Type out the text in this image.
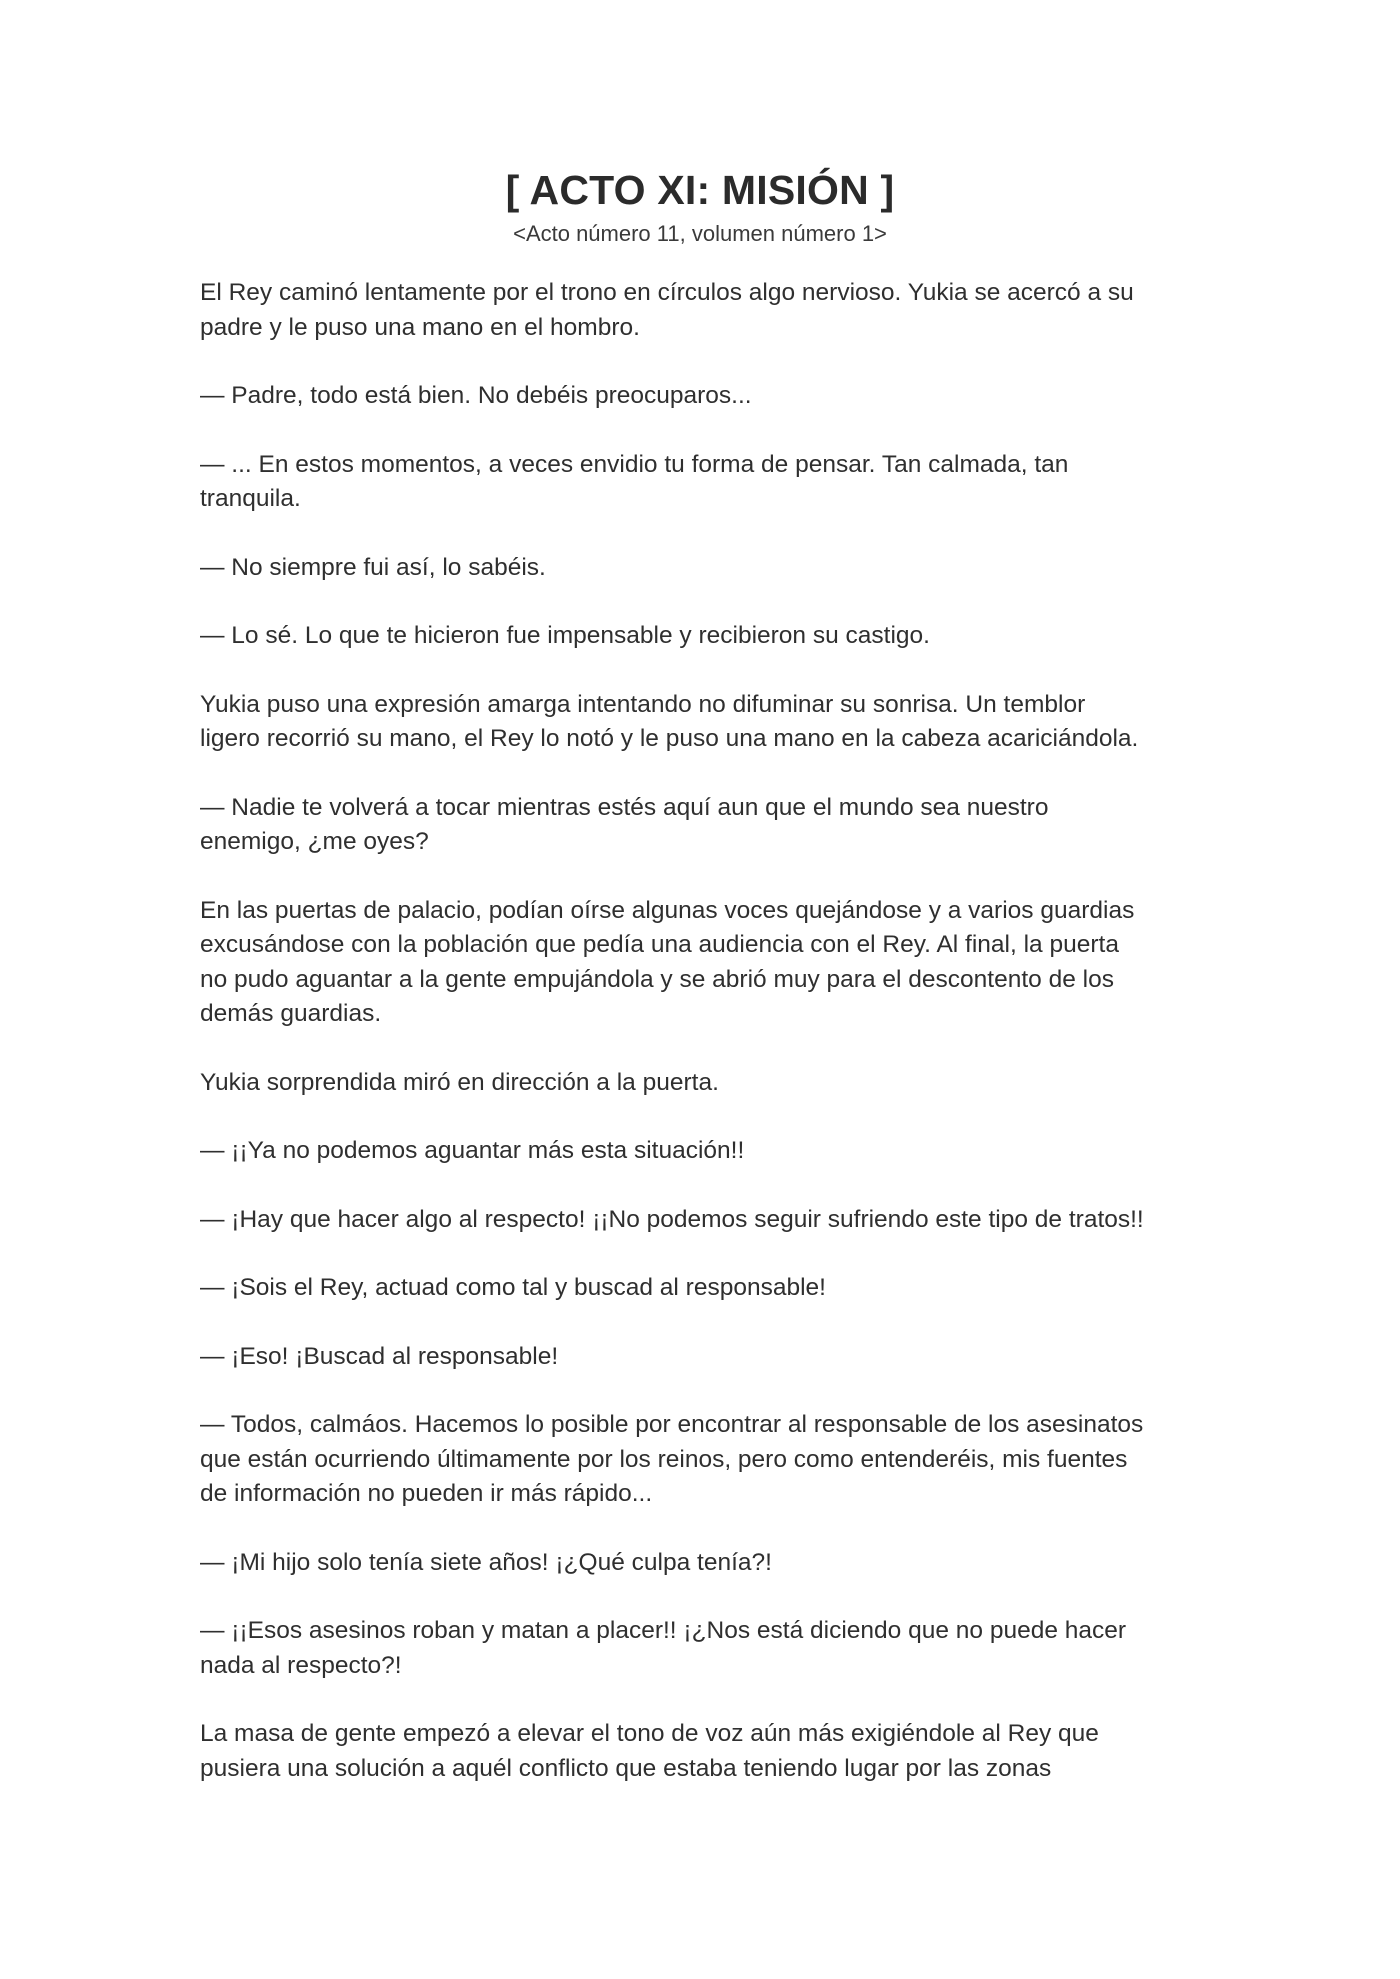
[ ACTO XI: MISIÓN ]

<Acto número 11, volumen número 1>

El Rey caminó lentamente por el trono en círculos algo nervioso. Yukia se acercó a su
padre y le puso una mano en el hombro.

— Padre, todo está bien. No debéis preocuparos...

— ... En estos momentos, a veces envidio tu forma de pensar. Tan calmada, tan
tranquila.

— No siempre fui así, lo sabéis.

— Lo sé. Lo que te hicieron fue impensable y recibieron su castigo.

Yukia puso una expresión amarga intentando no difuminar su sonrisa. Un temblor
ligero recorrió su mano, el Rey lo notó y le puso una mano en la cabeza acariciándola.

— Nadie te volverá a tocar mientras estés aquí aun que el mundo sea nuestro
enemigo, ¿me oyes?

En las puertas de palacio, podían oírse algunas voces quejándose y a varios guardias
excusándose con la población que pedía una audiencia con el Rey. Al final, la puerta
no pudo aguantar a la gente empujándola y se abrió muy para el descontento de los
demás guardias.

Yukia sorprendida miró en dirección a la puerta.

— ¡¡Ya no podemos aguantar más esta situación!!

— ¡Hay que hacer algo al respecto! ¡¡No podemos seguir sufriendo este tipo de tratos!!

— ¡Sois el Rey, actuad como tal y buscad al responsable!

— ¡Eso! ¡Buscad al responsable!

— Todos, calmáos. Hacemos lo posible por encontrar al responsable de los asesinatos
que están ocurriendo últimamente por los reinos, pero como entenderéis, mis fuentes
de información no pueden ir más rápido...

— ¡Mi hijo solo tenía siete años! ¡¿Qué culpa tenía?!

— ¡¡Esos asesinos roban y matan a placer!! ¡¿Nos está diciendo que no puede hacer
nada al respecto?!

La masa de gente empezó a elevar el tono de voz aún más exigiéndole al Rey que
pusiera una solución a aquél conflicto que estaba teniendo lugar por las zonas
